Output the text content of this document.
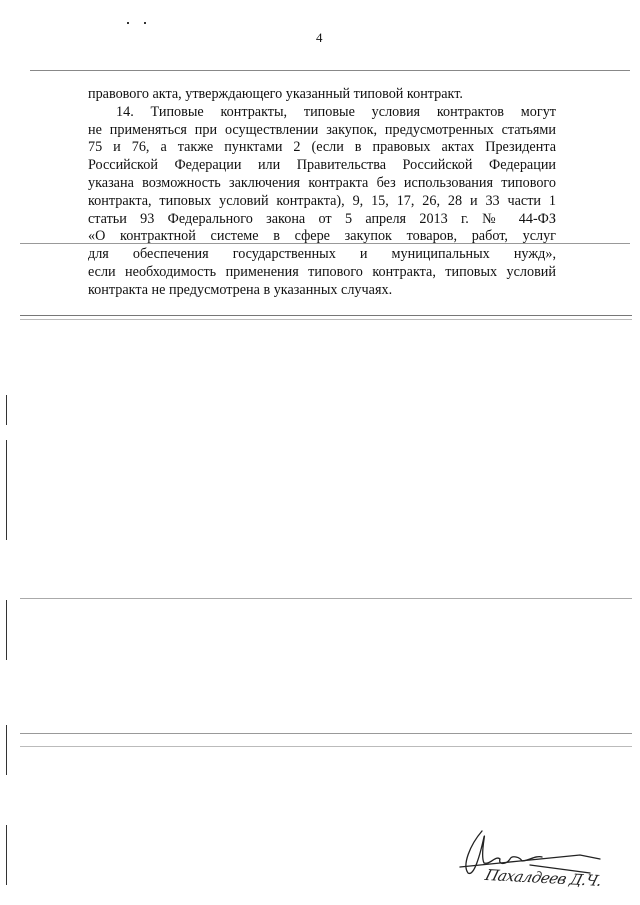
4
правового акта, утверждающего указанный типовой контракт.
14. Типовые контракты, типовые условия контрактов могут
не применяться при осуществлении закупок, предусмотренных статьями
75 и 76, а также пунктами 2 (если в правовых актах Президента
Российской Федерации или Правительства Российской Федерации
указана возможность заключения контракта без использования типового
контракта, типовых условий контракта), 9, 15, 17, 26, 28 и 33 части 1
статьи 93 Федерального закона от 5 апреля 2013 г. № 44-ФЗ
«О контрактной системе в сфере закупок товаров, работ, услуг
для обеспечения государственных и муниципальных нужд»,
если необходимость применения типового контракта, типовых условий
контракта не предусмотрена в указанных случаях.
Пахалдеев Д.Ч.
